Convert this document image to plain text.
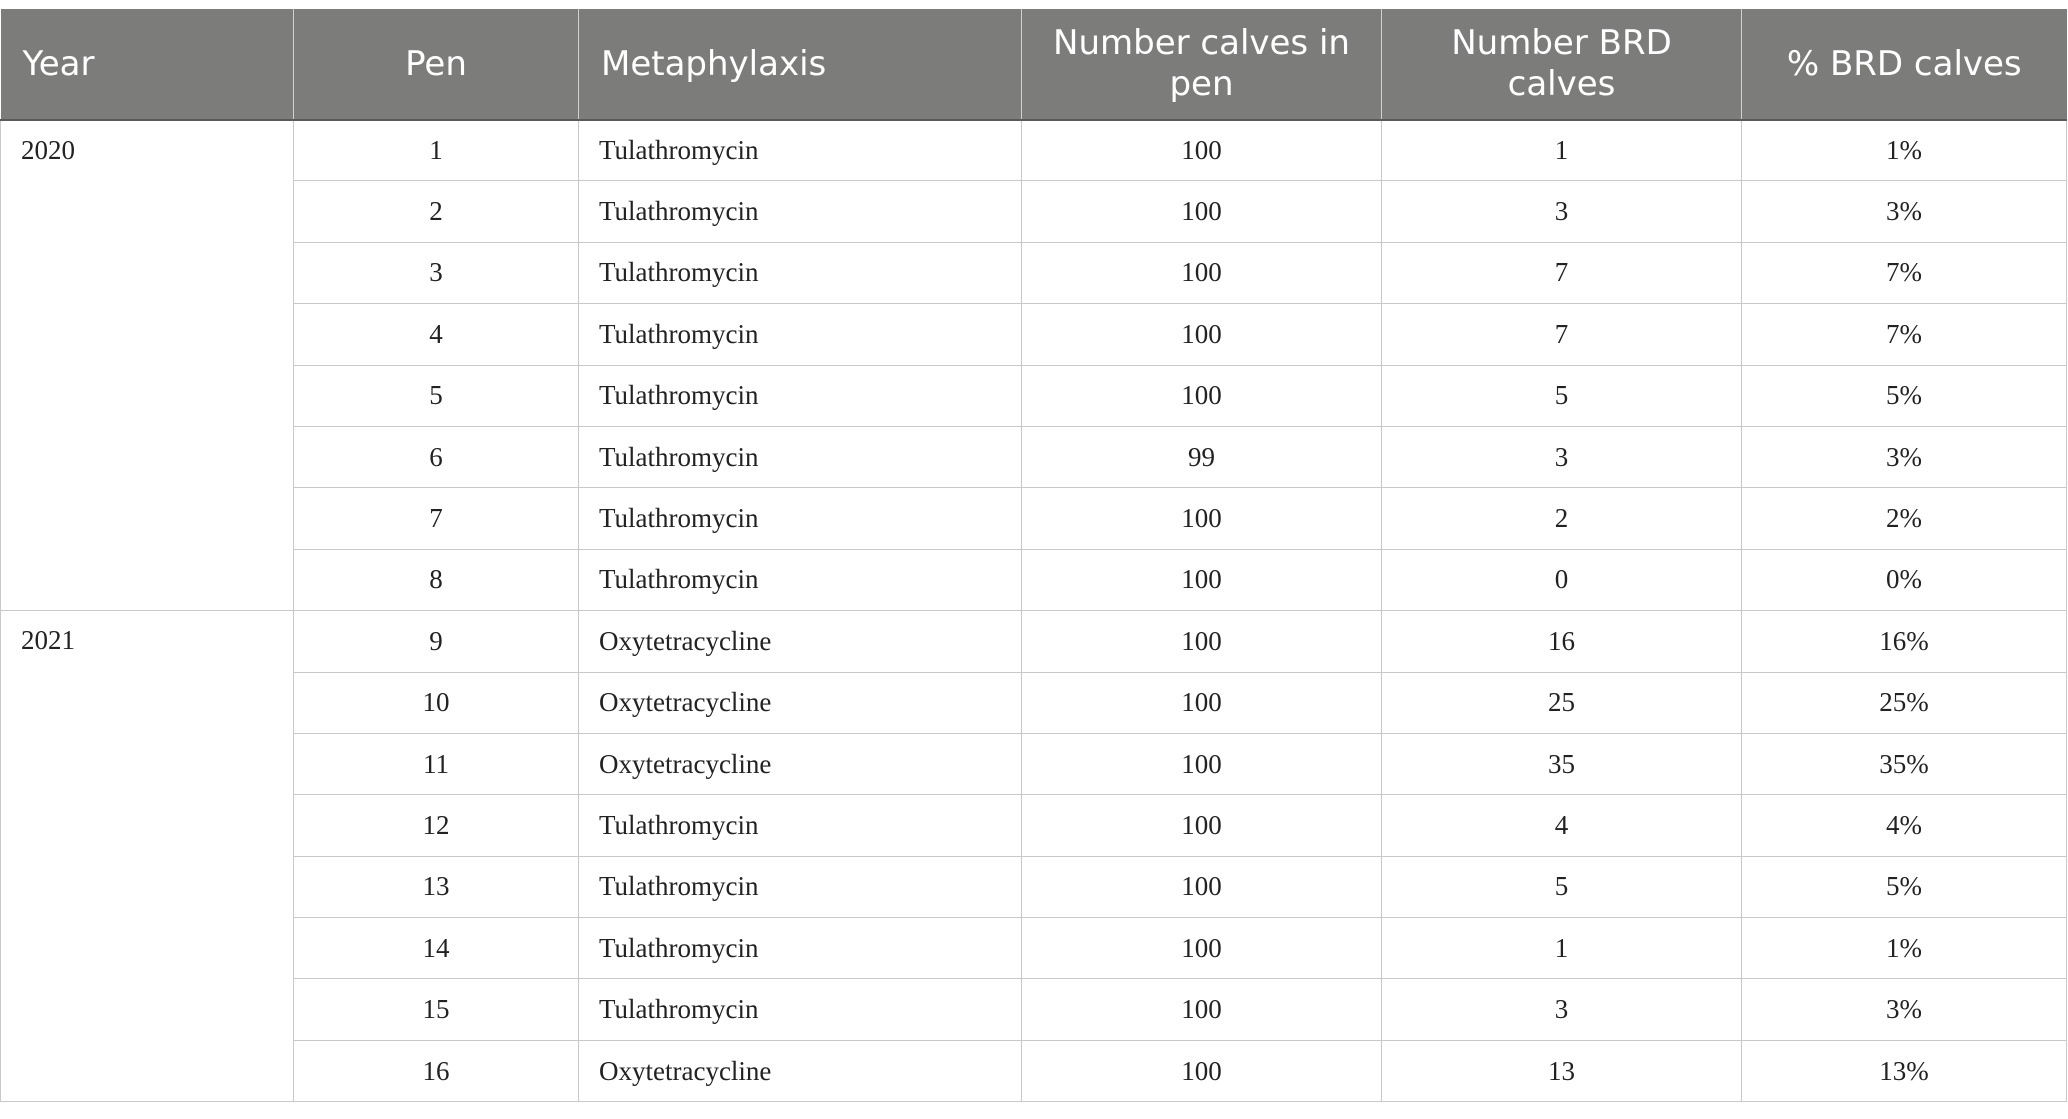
Year	Pen	Metaphylaxis	Number calves in pen	Number BRD calves	% BRD calves
2020	1	Tulathromycin	100	1	1%
	2	Tulathromycin	100	3	3%
	3	Tulathromycin	100	7	7%
	4	Tulathromycin	100	7	7%
	5	Tulathromycin	100	5	5%
	6	Tulathromycin	99	3	3%
	7	Tulathromycin	100	2	2%
	8	Tulathromycin	100	0	0%
2021	9	Oxytetracycline	100	16	16%
	10	Oxytetracycline	100	25	25%
	11	Oxytetracycline	100	35	35%
	12	Tulathromycin	100	4	4%
	13	Tulathromycin	100	5	5%
	14	Tulathromycin	100	1	1%
	15	Tulathromycin	100	3	3%
	16	Oxytetracycline	100	13	13%
